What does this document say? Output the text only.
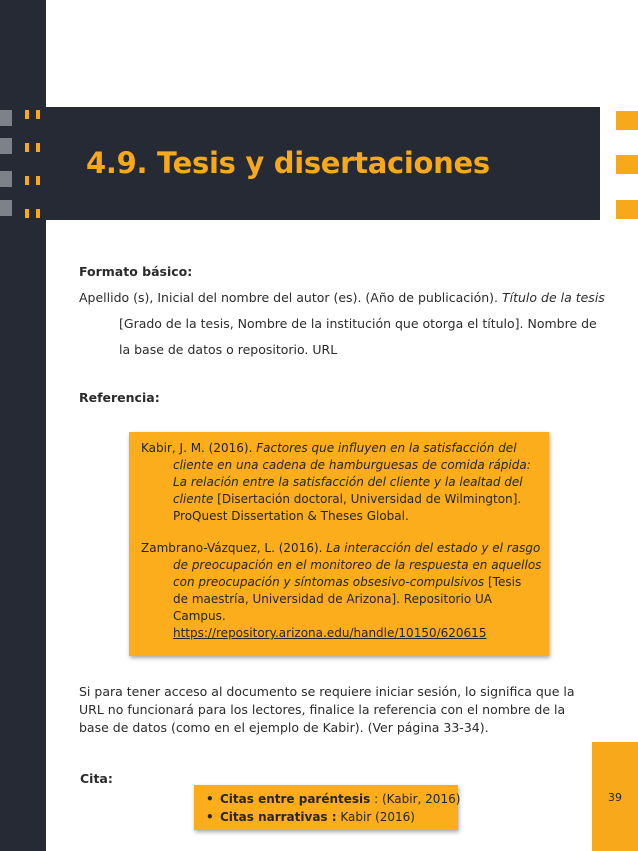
4.9. Tesis y disertaciones
Formato básico:
Apellido (s), Inicial del nombre del autor (es). (Año de publicación). Título de la tesis
[Grado de la tesis, Nombre de la institución que otorga el título]. Nombre de
la base de datos o repositorio. URL
Referencia:
Kabir, J. M. (2016). Factores que influyen en la satisfacción del
cliente en una cadena de hamburguesas de comida rápida:
La relación entre la satisfacción del cliente y la lealtad del
cliente [Disertación doctoral, Universidad de Wilmington].
ProQuest Dissertation & Theses Global.
Zambrano-Vázquez, L. (2016). La interacción del estado y el rasgo
de preocupación en el monitoreo de la respuesta en aquellos
con preocupación y síntomas obsesivo-compulsivos [Tesis
de maestría, Universidad de Arizona]. Repositorio UA
Campus.
https://repository.arizona.edu/handle/10150/620615
Si para tener acceso al documento se requiere iniciar sesión, lo significa que la
URL no funcionará para los lectores, finalice la referencia con el nombre de la
base de datos (como en el ejemplo de Kabir). (Ver página 33-34).
Cita:
• Citas entre paréntesis : (Kabir, 2016)
• Citas narrativas : Kabir (2016)
39
